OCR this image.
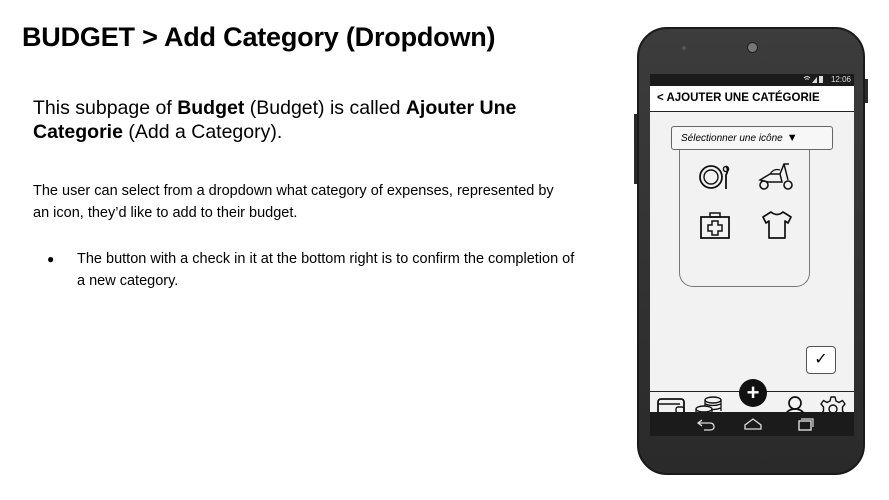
BUDGET > Add Category (Dropdown)

This subpage of Budget (Budget) is called Ajouter Une Categorie (Add a Category).

The user can select from a dropdown what category of expenses, represented by an icon, they’d like to add to their budget.

● The button with a check in it at the bottom right is to confirm the completion of a new category.
12:06
< AJOUTER UNE CATÉGORIE
Sélectionner une icône ▼
✓
+
